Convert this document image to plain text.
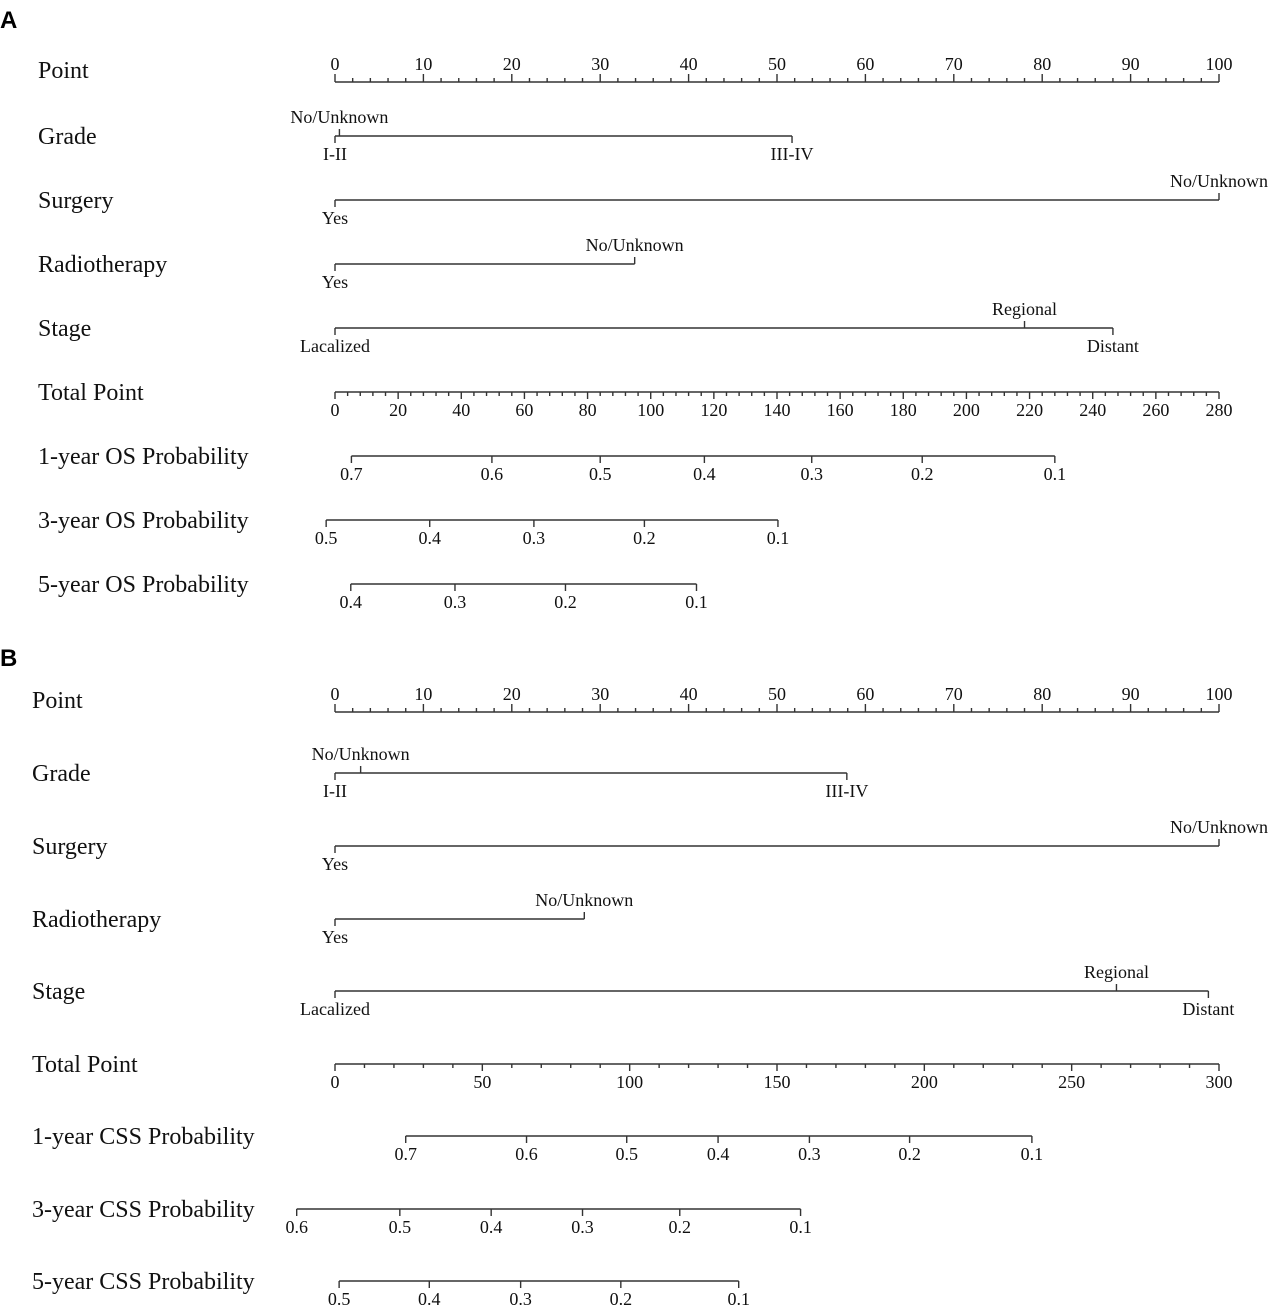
A
Point	0	10	20	30	40	50	60	70	80	90	100
Grade
No/Unknown
I-II	III-IV
Surgery
Yes
No/Unknown
Radiotherapy
Yes
No/Unknown
Stage
Lacalized
Regional
Distant
Total Point
0	20	40	60	80 100 120 140 160 180 200 220 240 260 280
1-year OS Probability
0.7	0.6	0.5	0.4	0.3	0.2	0.1
3-year OS Probability
0.5	0.4	0.3	0.2	0.1
5-year OS Probability
0.4	0.3	0.2	0.1
B
Point	0	10	20	30	40	50	60	70	80	90	100
Grade
No/Unknown
I-II	III-IV
Surgery
Yes
No/Unknown
Radiotherapy
Yes
No/Unknown
Stage
Lacalized
Regional
Distant
Total Point
0	50	100	150	200	250	300
1-year CSS Probability
0.7	0.6	0.5	0.4	0.3	0.2	0.1
3-year CSS Probability
0.6	0.5	0.4	0.3	0.2	0.1
5-year CSS Probability
0.5	0.4	0.3	0.2	0.1
